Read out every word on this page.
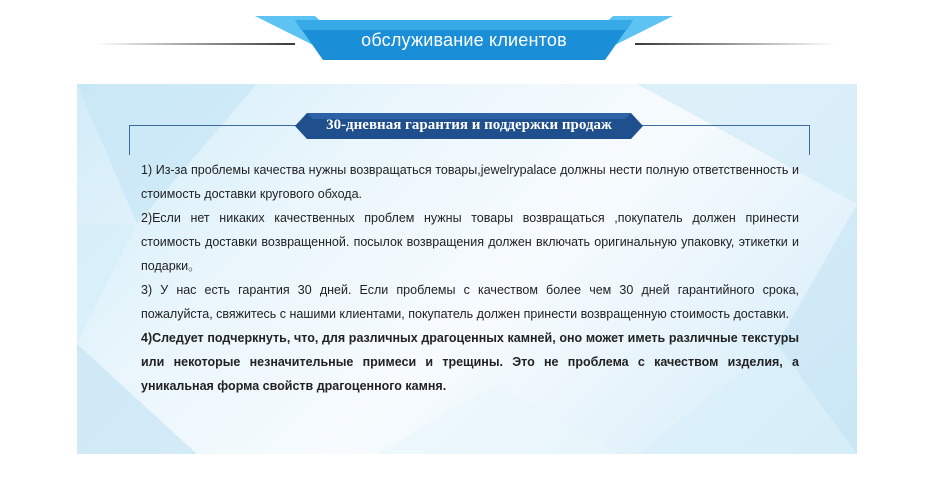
обслуживание клиентов
30-дневная гарантия и поддержки продаж

1) Из-за проблемы качества нужны возвращаться товары,jewelrypalace должны нести полную ответственность и стоимость доставки кругового обхода.

2)Если нет никаких качественных проблем нужны товары возвращаться ,покупатель должен принести стоимость доставки возвращенной. посылок возвращения должен включать оригинальную упаковку, этикетки и подарки。

3) У нас есть гарантия 30 дней. Если проблемы с качеством более чем 30 дней гарантийного срока, пожалуйста, свяжитесь с нашими клиентами, покупатель должен принести возвращенную стоимость доставки.

4)Следует подчеркнуть, что, для различных драгоценных камней, оно может иметь различные текстуры или некоторые незначительные примеси и трещины. Это не проблема с качеством изделия, а уникальная форма свойств драгоценного камня.
